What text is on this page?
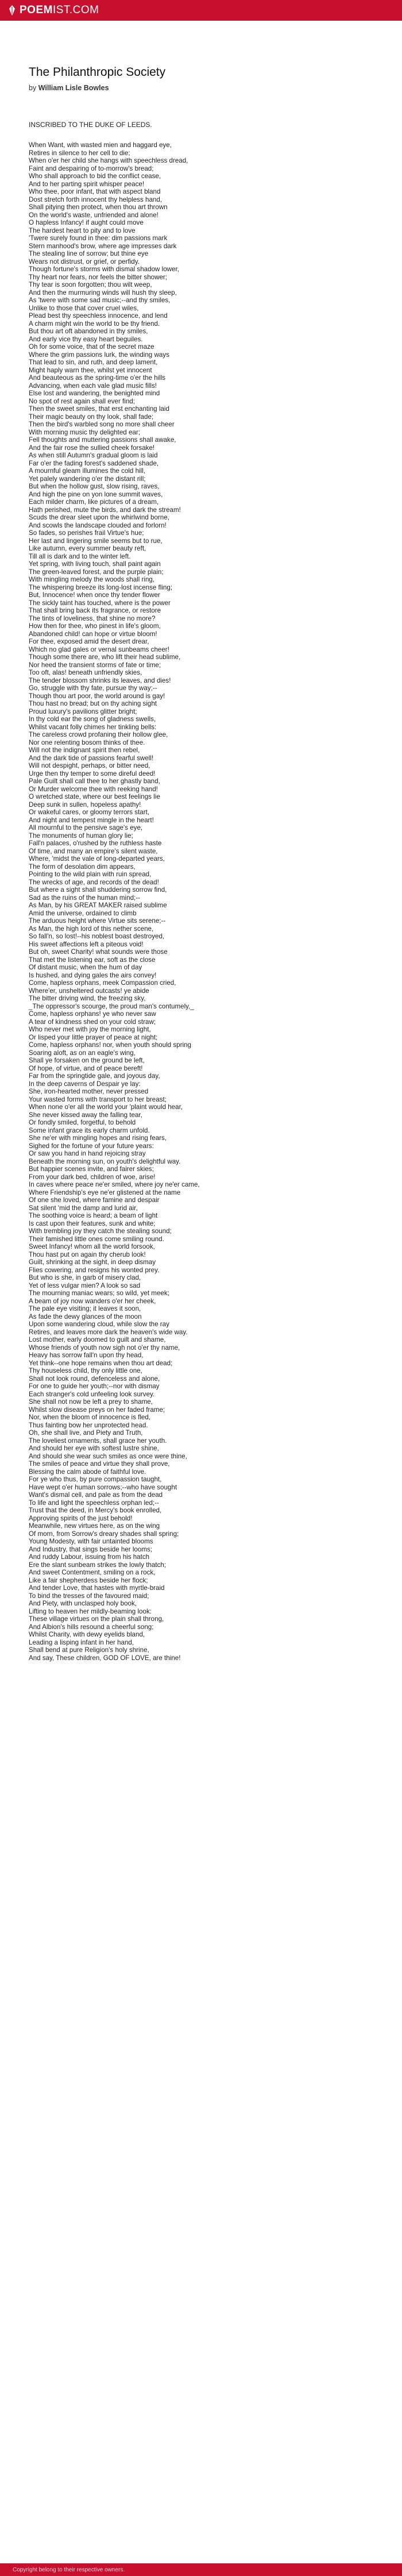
POEMIST.COM
The Philanthropic Society
by William Lisle Bowles
INSCRIBED TO THE DUKE OF LEEDS.
When Want, with wasted mien and haggard eye,
Retires in silence to her cell to die;
When o'er her child she hangs with speechless dread,
Faint and despairing of to-morrow's bread;
Who shall approach to bid the conflict cease,
And to her parting spirit whisper peace!
Who thee, poor infant, that with aspect bland
Dost stretch forth innocent thy helpless hand,
Shall pitying then protect, when thou art thrown
On the world's waste, unfriended and alone!
O hapless Infancy! if aught could move
The hardest heart to pity and to love
'Twere surely found in thee: dim passions mark
Stern manhood's brow, where age impresses dark
The stealing line of sorrow; but thine eye
Wears not distrust, or grief, or perfidy.
Though fortune's storms with dismal shadow lower,
Thy heart nor fears, nor feels the bitter shower;
Thy tear is soon forgotten; thou wilt weep,
And then the murmuring winds will hush thy sleep,
As 'twere with some sad music;--and thy smiles,
Unlike to those that cover cruel wiles,
Plead best thy speechless innocence, and lend
A charm might win the world to be thy friend.
But thou art oft abandoned in thy smiles,
And early vice thy easy heart beguiles.
Oh for some voice, that of the secret maze
Where the grim passions lurk, the winding ways
That lead to sin, and ruth, and deep lament,
Might haply warn thee, whilst yet innocent
And beauteous as the spring-time o'er the hills
Advancing, when each vale glad music fills!
Else lost and wandering, the benighted mind
No spot of rest again shall ever find;
Then the sweet smiles, that erst enchanting laid
Their magic beauty on thy look, shall fade;
Then the bird's warbled song no more shall cheer
With morning music thy delighted ear;
Fell thoughts and muttering passions shall awake,
And the fair rose the sullied cheek forsake!
As when still Autumn's gradual gloom is laid
Far o'er the fading forest's saddened shade,
A mournful gleam illumines the cold hill,
Yet palely wandering o'er the distant rill;
But when the hollow gust, slow rising, raves,
And high the pine on yon lone summit waves,
Each milder charm, like pictures of a dream,
Hath perished, mute the birds, and dark the stream!
Scuds the drear sleet upon the whirlwind borne,
And scowls the landscape clouded and forlorn!
So fades, so perishes frail Virtue's hue;
Her last and lingering smile seems but to rue,
Like autumn, every summer beauty reft,
Till all is dark and to the winter left.
Yet spring, with living touch, shall paint again
The green-leaved forest, and the purple plain;
With mingling melody the woods shall ring,
The whispering breeze its long-lost incense fling;
But, Innocence! when once thy tender flower
The sickly taint has touched, where is the power
That shall bring back its fragrance, or restore
The tints of loveliness, that shine no more?
How then for thee, who pinest in life's gloom,
Abandoned child! can hope or virtue bloom!
For thee, exposed amid the desert drear,
Which no glad gales or vernal sunbeams cheer!
Though some there are, who lift their head sublime,
Nor heed the transient storms of fate or time;
Too oft, alas! beneath unfriendly skies,
The tender blossom shrinks its leaves, and dies!
Go, struggle with thy fate, pursue thy way;--
Though thou art poor, the world around is gay!
Thou hast no bread; but on thy aching sight
Proud luxury's pavilions glitter bright;
In thy cold ear the song of gladness swells,
Whilst vacant folly chimes her tinkling bells:
The careless crowd profaning their hollow glee,
Nor one relenting bosom thinks of thee.
Will not the indignant spirit then rebel,
And the dark tide of passions fearful swell!
Will not despight, perhaps, or bitter need,
Urge then thy temper to some direful deed!
Pale Guilt shall call thee to her ghastly band,
Or Murder welcome thee with reeking hand!
O wretched state, where our best feelings lie
Deep sunk in sullen, hopeless apathy!
Or wakeful cares, or gloomy terrors start,
And night and tempest mingle in the heart!
All mournful to the pensive sage's eye,
The monuments of human glory lie;
Fall'n palaces, o'rushed by the ruthless haste
Of time, and many an empire's silent waste,
Where, 'midst the vale of long-departed years,
The form of desolation dim appears,
Pointing to the wild plain with ruin spread,
The wrecks of age, and records of the dead!
But where a sight shall shuddering sorrow find,
Sad as the ruins of the human mind;--
As Man, by his GREAT MAKER raised sublime
Amid the universe, ordained to climb
The arduous height where Virtue sits serene;--
As Man, the high lord of this nether scene,
So fall'n, so lost!--his noblest boast destroyed,
His sweet affections left a piteous void!
But oh, sweet Charity! what sounds were those
That met the listening ear, soft as the close
Of distant music, when the hum of day
Is hushed, and dying gales the airs convey!
Come, hapless orphans, meek Compassion cried,
Where'er, unsheltered outcasts! ye abide
The bitter driving wind, the freezing sky,
_The oppressor's scourge, the proud man's contumely,_
Come, hapless orphans! ye who never saw
A tear of kindness shed on your cold straw;
Who never met with joy the morning light,
Or lisped your little prayer of peace at night;
Come, hapless orphans! nor, when youth should spring
Soaring aloft, as on an eagle's wing,
Shall ye forsaken on the ground be left,
Of hope, of virtue, and of peace bereft!
Far from the springtide gale, and joyous day,
In the deep caverns of Despair ye lay:
She, iron-hearted mother, never pressed
Your wasted forms with transport to her breast;
When none o'er all the world your 'plaint would hear,
She never kissed away the falling tear,
Or fondly smiled, forgetful, to behold
Some infant grace its early charm unfold.
She ne'er with mingling hopes and rising fears,
Sighed for the fortune of your future years:
Or saw you hand in hand rejoicing stray
Beneath the morning sun, on youth's delightful way.
But happier scenes invite, and fairer skies;
From your dark bed, children of woe, arise!
In caves where peace ne'er smiled, where joy ne'er came,
Where Friendship's eye ne'er glistened at the name
Of one she loved, where famine and despair
Sat silent 'mid the damp and lurid air,
The soothing voice is heard; a beam of light
Is cast upon their features, sunk and white;
With trembling joy they catch the stealing sound;
Their famished little ones come smiling round.
Sweet Infancy! whom all the world forsook,
Thou hast put on again thy cherub look!
Guilt, shrinking at the sight, in deep dismay
Flies cowering, and resigns his wonted prey.
But who is she, in garb of misery clad,
Yet of less vulgar mien? A look so sad
The mourning maniac wears; so wild, yet meek;
A beam of joy now wanders o'er her cheek,
The pale eye visiting; it leaves it soon,
As fade the dewy glances of the moon
Upon some wandering cloud, while slow the ray
Retires, and leaves more dark the heaven's wide way.
Lost mother, early doomed to guilt and shame,
Whose friends of youth now sigh not o'er thy name,
Heavy has sorrow fall'n upon thy head,
Yet think--one hope remains when thou art dead;
Thy houseless child, thy only little one,
Shall not look round, defenceless and alone,
For one to guide her youth;--nor with dismay
Each stranger's cold unfeeling look survey.
She shall not now be left a prey to shame,
Whilst slow disease preys on her faded frame;
Nor, when the bloom of innocence is fled,
Thus fainting bow her unprotected head.
Oh, she shall live, and Piety and Truth,
The loveliest ornaments, shall grace her youth.
And should her eye with softest lustre shine,
And should she wear such smiles as once were thine,
The smiles of peace and virtue they shall prove,
Blessing the calm abode of faithful love.
For ye who thus, by pure compassion taught,
Have wept o'er human sorrows;--who have sought
Want's dismal cell, and pale as from the dead
To life and light the speechless orphan led;--
Trust that the deed, in Mercy's book enrolled,
Approving spirits of the just behold!
Meanwhile, new virtues here, as on the wing
Of morn, from Sorrow's dreary shades shall spring;
Young Modesty, with fair untainted blooms
And Industry, that sings beside her looms;
And ruddy Labour, issuing from his hatch
Ere the slant sunbeam strikes the lowly thatch;
And sweet Contentment, smiling on a rock,
Like a fair shepherdess beside her flock;
And tender Love, that hastes with myrtle-braid
To bind the tresses of the favoured maid;
And Piety, with unclasped holy book,
Lifting to heaven her mildly-beaming look:
These village virtues on the plain shall throng,
And Albion's hills resound a cheerful song;
Whilst Charity, with dewy eyelids bland,
Leading a lisping infant in her hand,
Shall bend at pure Religion's holy shrine,
And say, These children, GOD OF LOVE, are thine!
Copyright belong to their respective owners.
